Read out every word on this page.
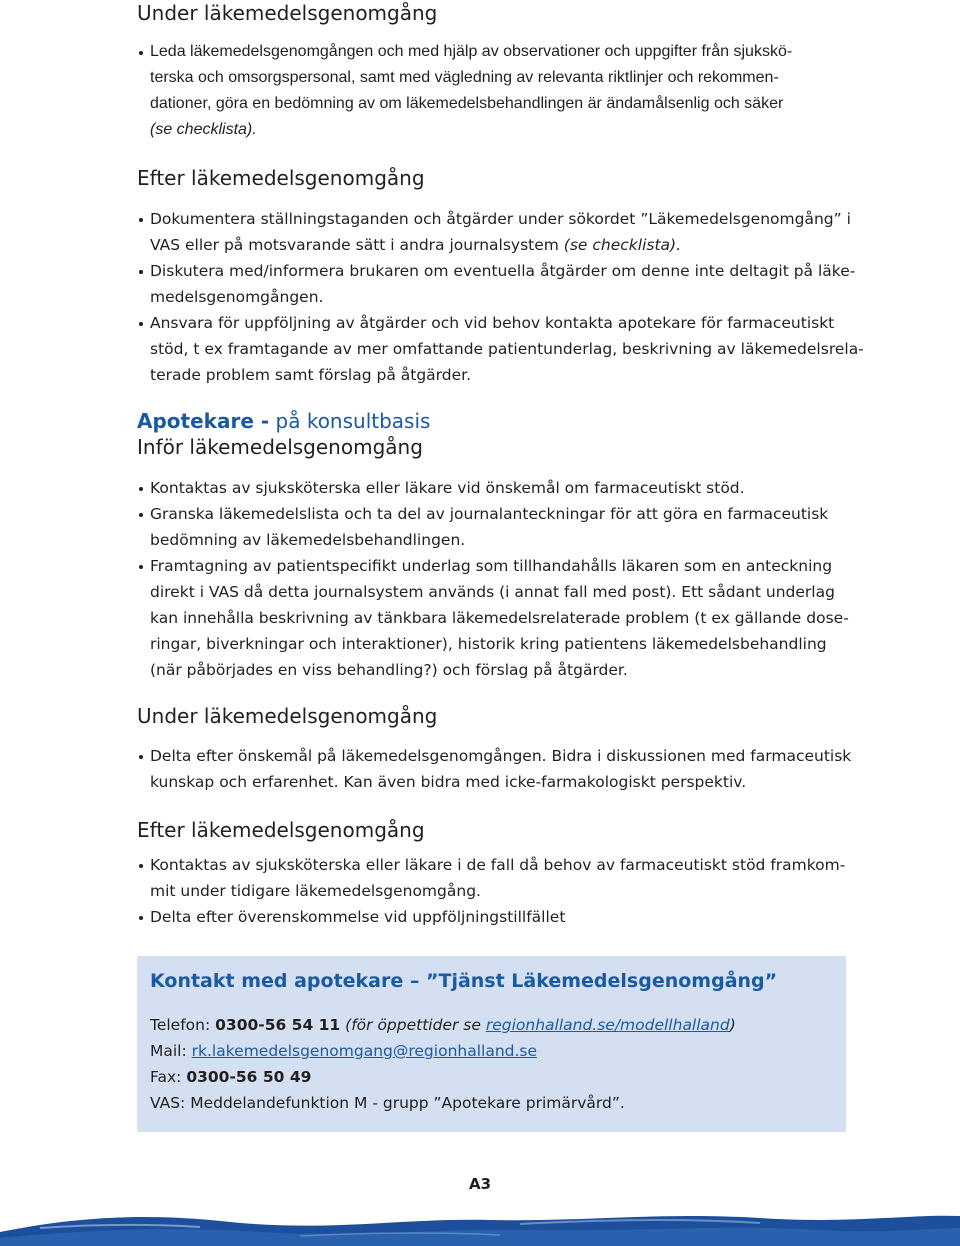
Under läkemedelsgenomgång
Leda läkemedelsgenomgången och med hjälp av observationer och uppgifter från sjukskö-
terska och omsorgspersonal, samt med vägledning av relevanta riktlinjer och rekommen-
dationer, göra en bedömning av om läkemedelsbehandlingen är ändamålsenlig och säker
(se checklista).
Efter läkemedelsgenomgång
Dokumentera ställningstaganden och åtgärder under sökordet ”Läkemedelsgenomgång” i
VAS eller på motsvarande sätt i andra journalsystem (se checklista).
Diskutera med/informera brukaren om eventuella åtgärder om denne inte deltagit på läke-
medelsgenomgången.
Ansvara för uppföljning av åtgärder och vid behov kontakta apotekare för farmaceutiskt
stöd, t ex framtagande av mer omfattande patientunderlag, beskrivning av läkemedelsrela-
terade problem samt förslag på åtgärder.
Apotekare - på konsultbasis
Inför läkemedelsgenomgång
Kontaktas av sjuksköterska eller läkare vid önskemål om farmaceutiskt stöd.
Granska läkemedelslista och ta del av journalanteckningar för att göra en farmaceutisk
bedömning av läkemedelsbehandlingen.
Framtagning av patientspecifikt underlag som tillhandahålls läkaren som en anteckning
direkt i VAS då detta journalsystem används (i annat fall med post). Ett sådant underlag
kan innehålla beskrivning av tänkbara läkemedelsrelaterade problem (t ex gällande dose-
ringar, biverkningar och interaktioner), historik kring patientens läkemedelsbehandling
(när påbörjades en viss behandling?) och förslag på åtgärder.
Under läkemedelsgenomgång
Delta efter önskemål på läkemedelsgenomgången. Bidra i diskussionen med farmaceutisk
kunskap och erfarenhet. Kan även bidra med icke-farmakologiskt perspektiv.
Efter läkemedelsgenomgång
Kontaktas av sjuksköterska eller läkare i de fall då behov av farmaceutiskt stöd framkom-
mit under tidigare läkemedelsgenomgång.
Delta efter överenskommelse vid uppföljningstillfället
Kontakt med apotekare – ”Tjänst Läkemedelsgenomgång”
Telefon: 0300-56 54 11 (för öppettider se regionhalland.se/modellhalland)
Mail: rk.lakemedelsgenomgang@regionhalland.se
Fax: 0300-56 50 49
VAS: Meddelandefunktion M - grupp ”Apotekare primärvård”.
A3
